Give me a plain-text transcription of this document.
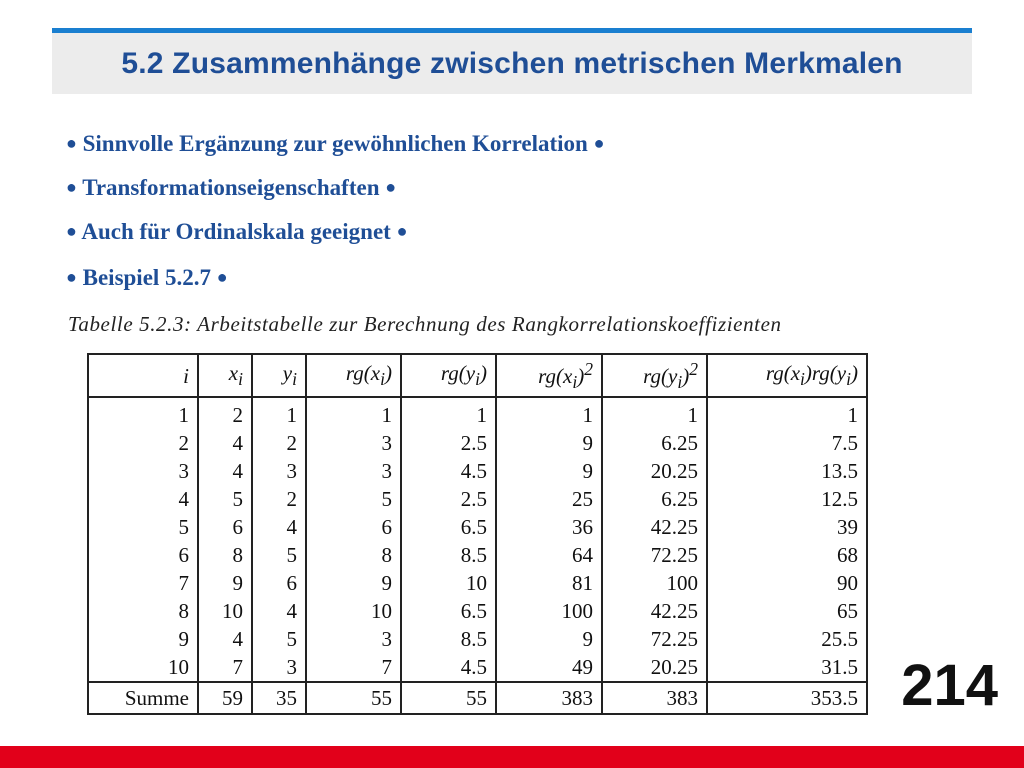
5.2 Zusammenhänge zwischen metrischen Merkmalen
● Sinnvolle Ergänzung zur gewöhnlichen Korrelation ●
● Transformationseigenschaften ●
● Auch für Ordinalskala geeignet ●
● Beispiel 5.2.7 ●
Tabelle 5.2.3: Arbeitstabelle zur Berechnung des Rangkorrelationskoeffizienten
i	$x_i$	$y_i$	$rg(x_i)$	$rg(y_i)$	$rg(x_i)^2$	$rg(y_i)^2$	$rg(x_i)rg(y_i)$
1	2	1	1	1	1	1	1
2	4	2	3	2.5	9	6.25	7.5
3	4	3	3	4.5	9	20.25	13.5
4	5	2	5	2.5	25	6.25	12.5
5	6	4	6	6.5	36	42.25	39
6	8	5	8	8.5	64	72.25	68
7	9	6	9	10	81	100	90
8	10	4	10	6.5	100	42.25	65
9	4	5	3	8.5	9	72.25	25.5
10	7	3	7	4.5	49	20.25	31.5
Summe	59	35	55	55	383	383	353.5 214
